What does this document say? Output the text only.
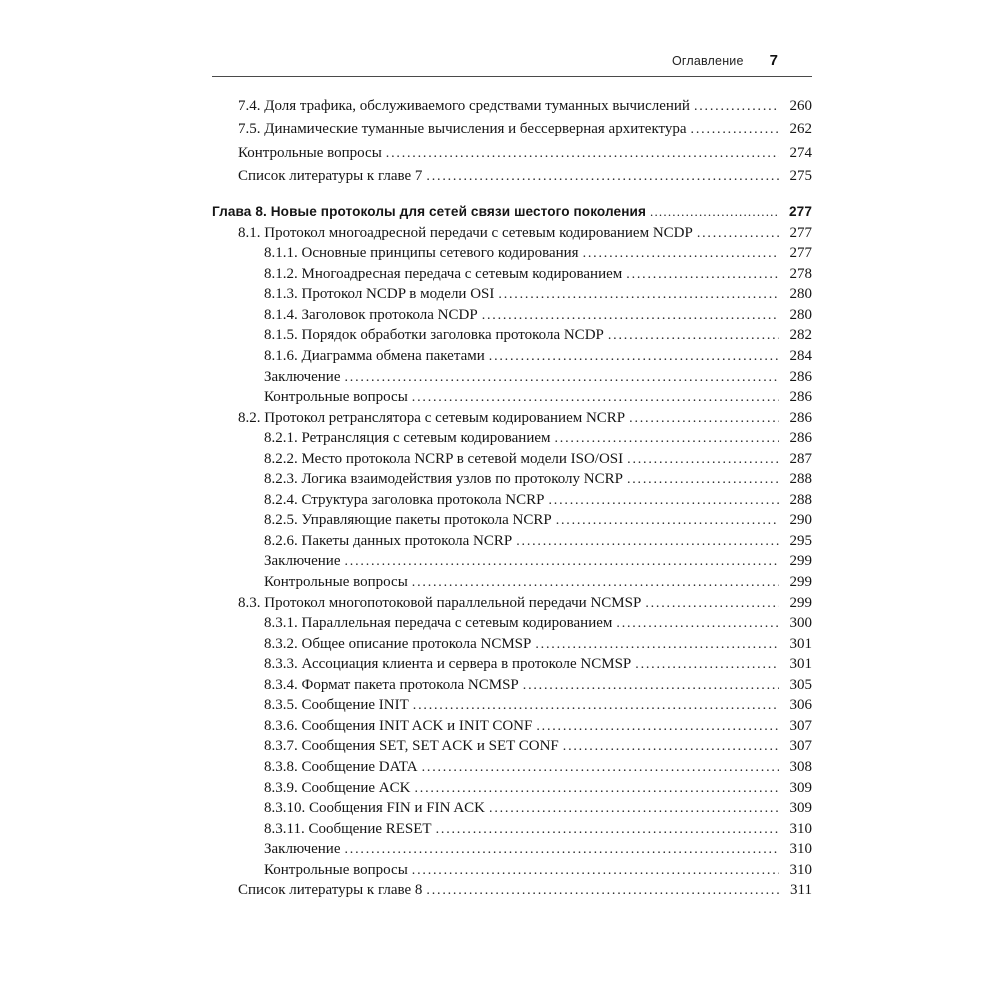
Оглавление 7
7.4. Доля трафика, обслуживаемого средствами туманных вычислений .....	260
7.5. Динамические туманные вычисления и бессерверная архитектура .....	262
Контрольные вопросы .....	274
Список литературы к главе 7 .....	275
Глава 8. Новые протоколы для сетей связи шестого поколения .....	277
8.1. Протокол многоадресной передачи с сетевым кодированием NCDP .....	277
8.1.1. Основные принципы сетевого кодирования .....	277
8.1.2. Многоадресная передача с сетевым кодированием .....	278
8.1.3. Протокол NCDP в модели OSI .....	280
8.1.4. Заголовок протокола NCDP .....	280
8.1.5. Порядок обработки заголовка протокола NCDP .....	282
8.1.6. Диаграмма обмена пакетами .....	284
Заключение .....	286
Контрольные вопросы .....	286
8.2. Протокол ретранслятора с сетевым кодированием NCRP .....	286
8.2.1. Ретрансляция с сетевым кодированием .....	286
8.2.2. Место протокола NCRP в сетевой модели ISO/OSI .....	287
8.2.3. Логика взаимодействия узлов по протоколу NCRP .....	288
8.2.4. Структура заголовка протокола NCRP .....	288
8.2.5. Управляющие пакеты протокола NCRP .....	290
8.2.6. Пакеты данных протокола NCRP .....	295
Заключение .....	299
Контрольные вопросы .....	299
8.3. Протокол многопотоковой параллельной передачи NCMSP .....	299
8.3.1. Параллельная передача с сетевым кодированием .....	300
8.3.2. Общее описание протокола NCMSP .....	301
8.3.3. Ассоциация клиента и сервера в протоколе NCMSP .....	301
8.3.4. Формат пакета протокола NCMSP .....	305
8.3.5. Сообщение INIT .....	306
8.3.6. Сообщения INIT ACK и INIT CONF .....	307
8.3.7. Сообщения SET, SET ACK и SET CONF .....	307
8.3.8. Сообщение DATA .....	308
8.3.9. Сообщение ACK .....	309
8.3.10. Сообщения FIN и FIN ACK .....	309
8.3.11. Сообщение RESET .....	310
Заключение .....	310
Контрольные вопросы .....	310
Список литературы к главе 8 .....	311
